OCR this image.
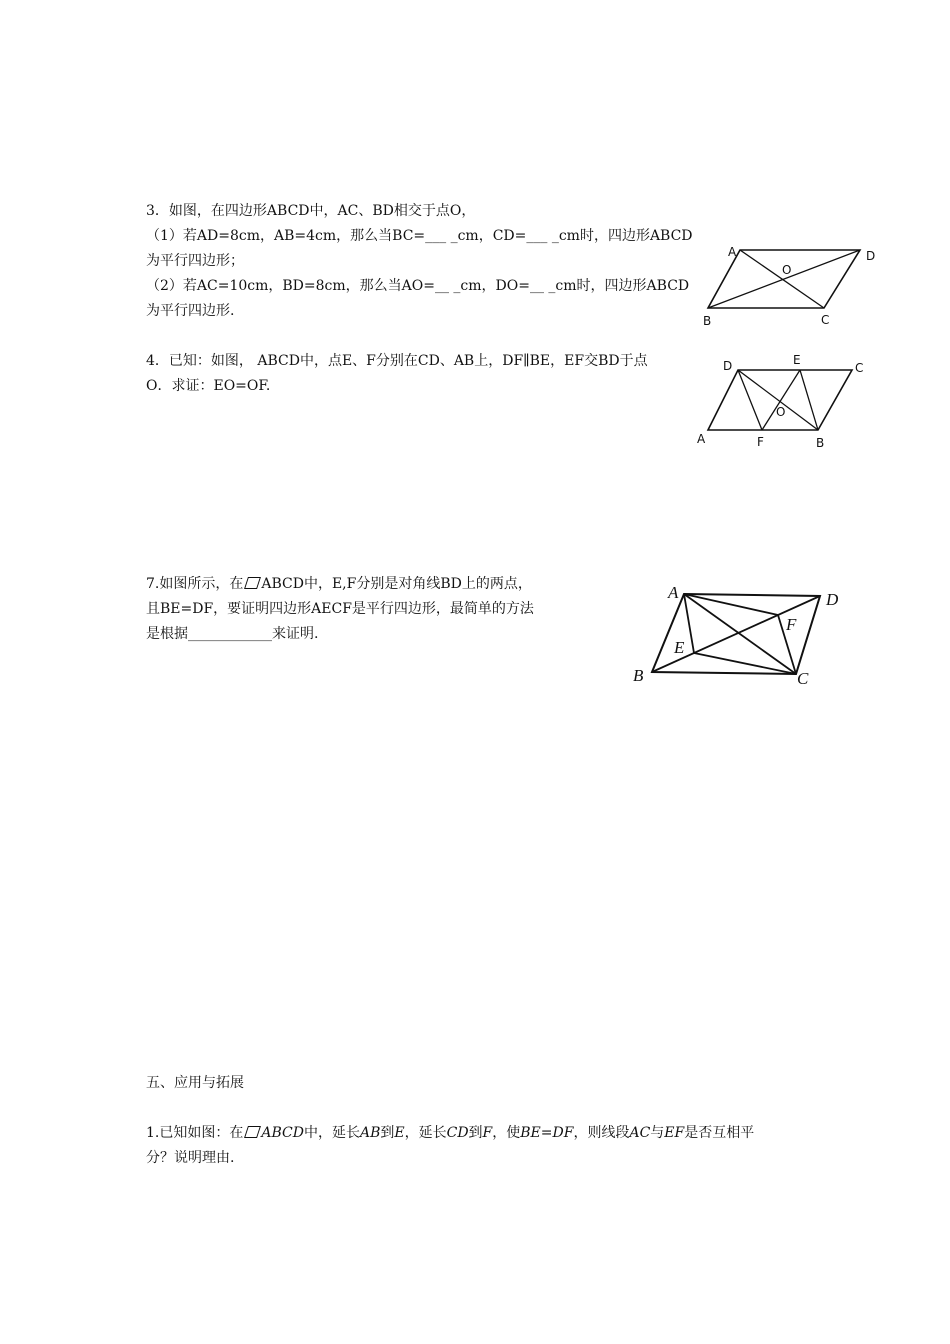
3．如图，在四边形ABCD中，AC、BD相交于点O，
（1）若AD=8cm，AB=4cm，那么当BC=___ _cm，CD=___ _cm时，四边形ABCD
为平行四边形；
（2）若AC=10cm，BD=8cm，那么当AO=__ _cm，DO=__ _cm时，四边形ABCD
为平行四边形.
A	D
B	C
O
4．已知：如图， ABCD中，点E、F分别在CD、AB上，DF∥BE，EF交BD于点
O．求证：EO=OF.
D	E
C
A	F	B
O
7.如图所示，在 ABCD中，E,F分别是对角线BD上的两点，
且BE=DF，要证明四边形AECF是平行四边形，最简单的方法
是根据____________来证明.
A	D
B	C
E
F
五、应用与拓展
1.已知如图：在 ABCD中，延长AB到E，延长CD到F，使BE=DF，则线段AC与EF是否互相平
分？说明理由.
